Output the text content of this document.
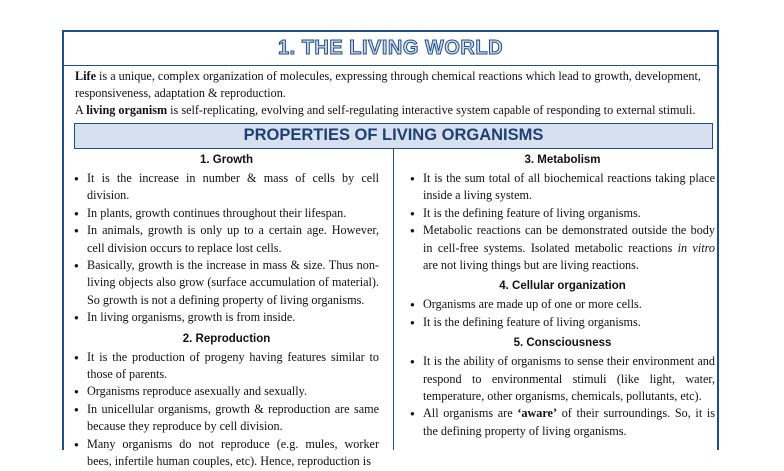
1. THE LIVING WORLD

Life is a unique, complex organization of molecules, expressing through chemical reactions which lead to growth, development, responsiveness, adaptation & reproduction.

A living organism is self-replicating, evolving and self-regulating interactive system capable of responding to external stimuli.

PROPERTIES OF LIVING ORGANISMS
1. Growth
● It is the increase in number & mass of cells by cell division.
● In plants, growth continues throughout their lifespan.
● In animals, growth is only up to a certain age. However, cell division occurs to replace lost cells.
● Basically, growth is the increase in mass & size. Thus non-living objects also grow (surface accumulation of material). So growth is not a defining property of living organisms.
● In living organisms, growth is from inside.
2. Reproduction
● It is the production of progeny having features similar to those of parents.
● Organisms reproduce asexually and sexually.
● In unicellular organisms, growth & reproduction are same because they reproduce by cell division.
● Many organisms do not reproduce (e.g. mules, worker bees, infertile human couples, etc). Hence, reproduction is
3. Metabolism
● It is the sum total of all biochemical reactions taking place inside a living system.
● It is the defining feature of living organisms.
● Metabolic reactions can be demonstrated outside the body in cell-free systems. Isolated metabolic reactions in vitro are not living things but are living reactions.
4. Cellular organization
● Organisms are made up of one or more cells.
● It is the defining feature of living organisms.
5. Consciousness
● It is the ability of organisms to sense their environment and respond to environmental stimuli (like light, water, temperature, other organisms, chemicals, pollutants, etc).
● All organisms are ‘aware’ of their surroundings. So, it is the defining property of living organisms.
